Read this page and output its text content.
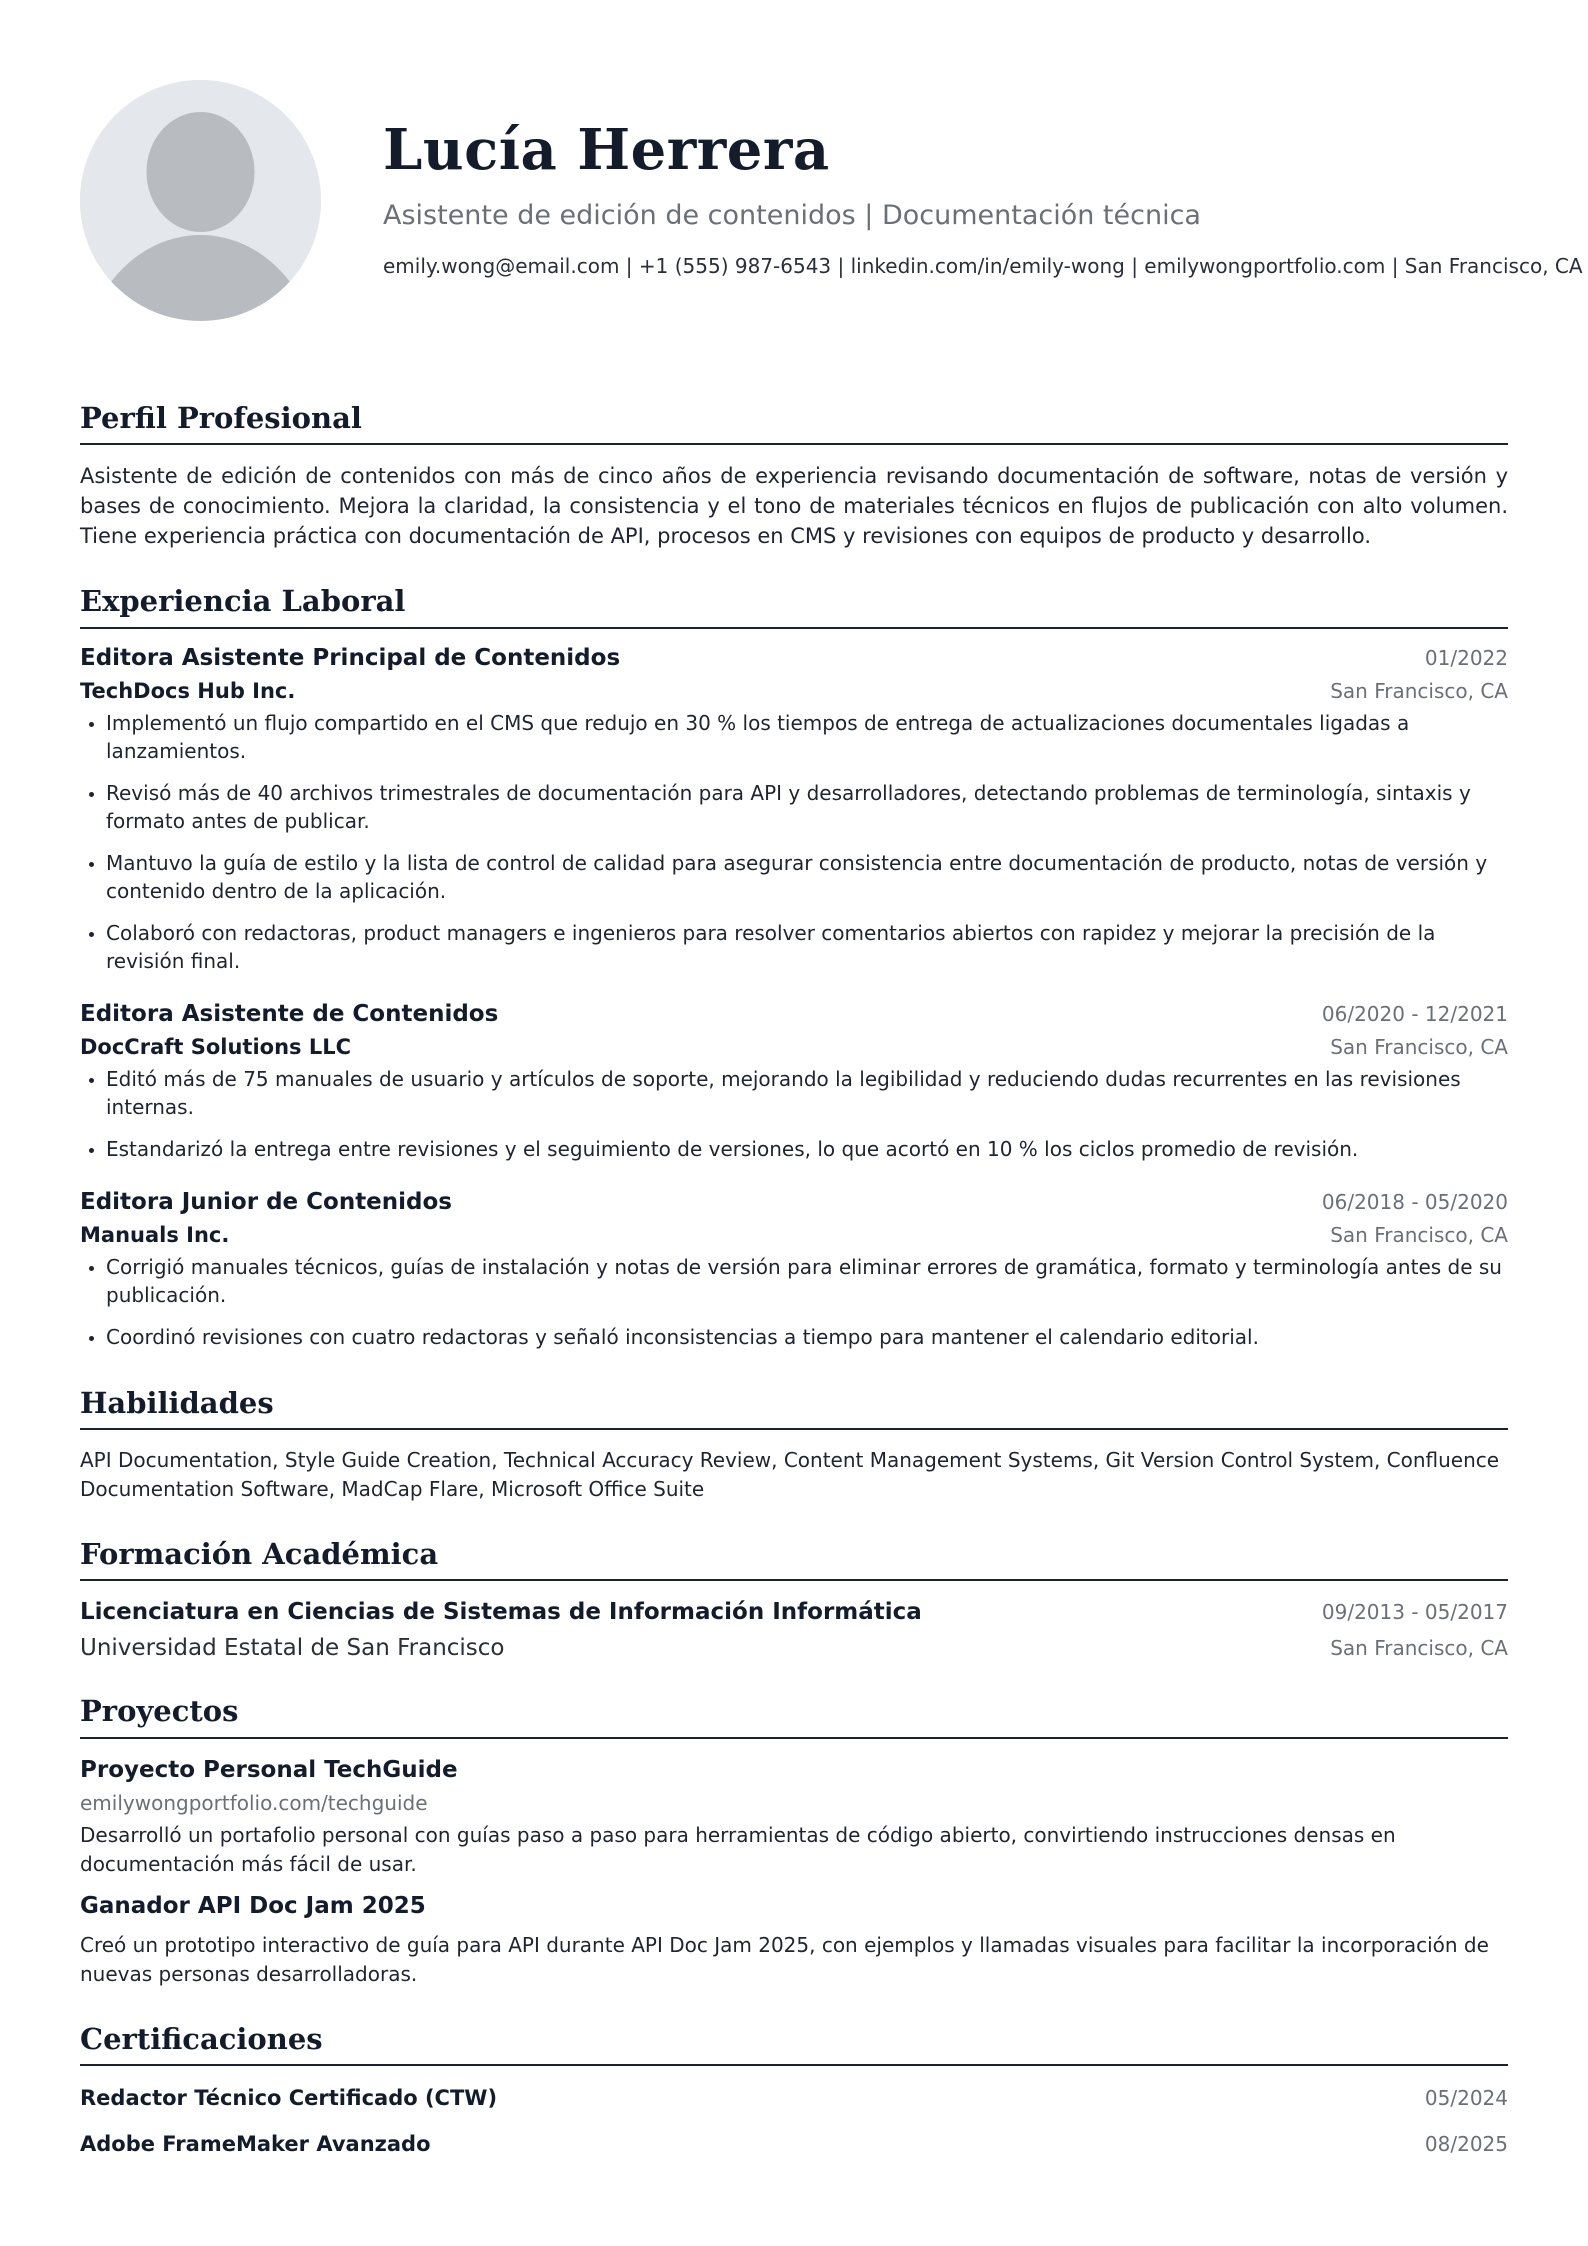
Lucía Herrera
Asistente de edición de contenidos | Documentación técnica
emily.wong@email.com | +1 (555) 987-6543 | linkedin.com/in/emily-wong | emilywongportfolio.com | San Francisco, CA
Perfil Profesional
Asistente de edición de contenidos con más de cinco años de experiencia revisando documentación de software, notas de versión y bases de conocimiento. Mejora la claridad, la consistencia y el tono de materiales técnicos en flujos de publicación con alto volumen. Tiene experiencia práctica con documentación de API, procesos en CMS y revisiones con equipos de producto y desarrollo.
Experiencia Laboral
Editora Asistente Principal de Contenidos	01/2022
TechDocs Hub Inc.	San Francisco, CA
• Implementó un flujo compartido en el CMS que redujo en 30 % los tiempos de entrega de actualizaciones documentales ligadas a lanzamientos.
• Revisó más de 40 archivos trimestrales de documentación para API y desarrolladores, detectando problemas de terminología, sintaxis y formato antes de publicar.
• Mantuvo la guía de estilo y la lista de control de calidad para asegurar consistencia entre documentación de producto, notas de versión y contenido dentro de la aplicación.
• Colaboró con redactoras, product managers e ingenieros para resolver comentarios abiertos con rapidez y mejorar la precisión de la revisión final.
Editora Asistente de Contenidos	06/2020 - 12/2021
DocCraft Solutions LLC	San Francisco, CA
• Editó más de 75 manuales de usuario y artículos de soporte, mejorando la legibilidad y reduciendo dudas recurrentes en las revisiones internas.
• Estandarizó la entrega entre revisiones y el seguimiento de versiones, lo que acortó en 10 % los ciclos promedio de revisión.
Editora Junior de Contenidos	06/2018 - 05/2020
Manuals Inc.	San Francisco, CA
• Corrigió manuales técnicos, guías de instalación y notas de versión para eliminar errores de gramática, formato y terminología antes de su publicación.
• Coordinó revisiones con cuatro redactoras y señaló inconsistencias a tiempo para mantener el calendario editorial.
Habilidades
API Documentation, Style Guide Creation, Technical Accuracy Review, Content Management Systems, Git Version Control System, Confluence Documentation Software, MadCap Flare, Microsoft Office Suite
Formación Académica
Licenciatura en Ciencias de Sistemas de Información Informática	09/2013 - 05/2017
Universidad Estatal de San Francisco	San Francisco, CA
Proyectos
Proyecto Personal TechGuide
emilywongportfolio.com/techguide
Desarrolló un portafolio personal con guías paso a paso para herramientas de código abierto, convirtiendo instrucciones densas en documentación más fácil de usar.
Ganador API Doc Jam 2025
Creó un prototipo interactivo de guía para API durante API Doc Jam 2025, con ejemplos y llamadas visuales para facilitar la incorporación de nuevas personas desarrolladoras.
Certificaciones
Redactor Técnico Certificado (CTW)	05/2024
Adobe FrameMaker Avanzado	08/2025
